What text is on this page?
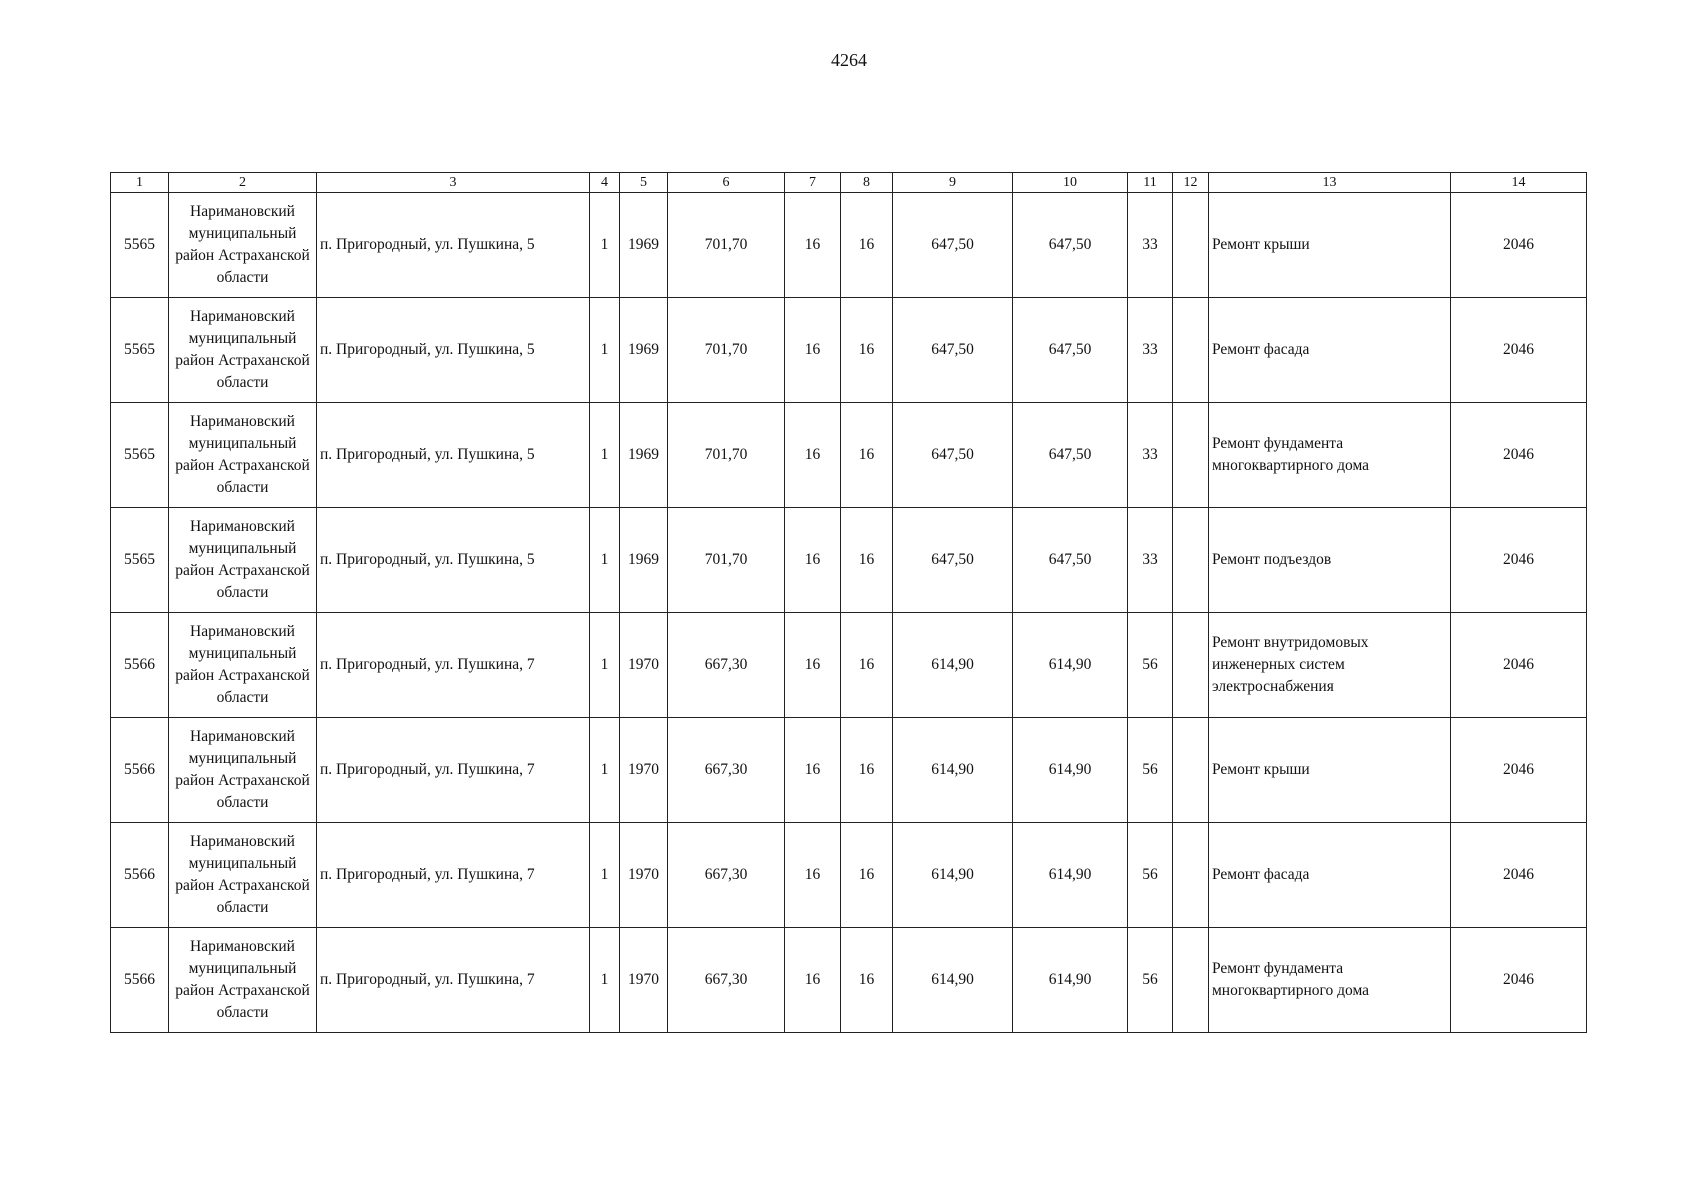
4264
1	2	3	4	5	6	7	8	9	10	11	12	13	14
5565	Наримановский муниципальный район Астраханской области	п. Пригородный, ул. Пушкина, 5	1	1969	701,70	16	16	647,50	647,50	33		Ремонт крыши	2046
5565	Наримановский муниципальный район Астраханской области	п. Пригородный, ул. Пушкина, 5	1	1969	701,70	16	16	647,50	647,50	33		Ремонт фасада	2046
5565	Наримановский муниципальный район Астраханской области	п. Пригородный, ул. Пушкина, 5	1	1969	701,70	16	16	647,50	647,50	33		Ремонт фундамента многоквартирного дома	2046
5565	Наримановский муниципальный район Астраханской области	п. Пригородный, ул. Пушкина, 5	1	1969	701,70	16	16	647,50	647,50	33		Ремонт подъездов	2046
5566	Наримановский муниципальный район Астраханской области	п. Пригородный, ул. Пушкина, 7	1	1970	667,30	16	16	614,90	614,90	56		Ремонт внутридомовых инженерных систем электроснабжения	2046
5566	Наримановский муниципальный район Астраханской области	п. Пригородный, ул. Пушкина, 7	1	1970	667,30	16	16	614,90	614,90	56		Ремонт крыши	2046
5566	Наримановский муниципальный район Астраханской области	п. Пригородный, ул. Пушкина, 7	1	1970	667,30	16	16	614,90	614,90	56		Ремонт фасада	2046
5566	Наримановский муниципальный район Астраханской области	п. Пригородный, ул. Пушкина, 7	1	1970	667,30	16	16	614,90	614,90	56		Ремонт фундамента многоквартирного дома	2046
